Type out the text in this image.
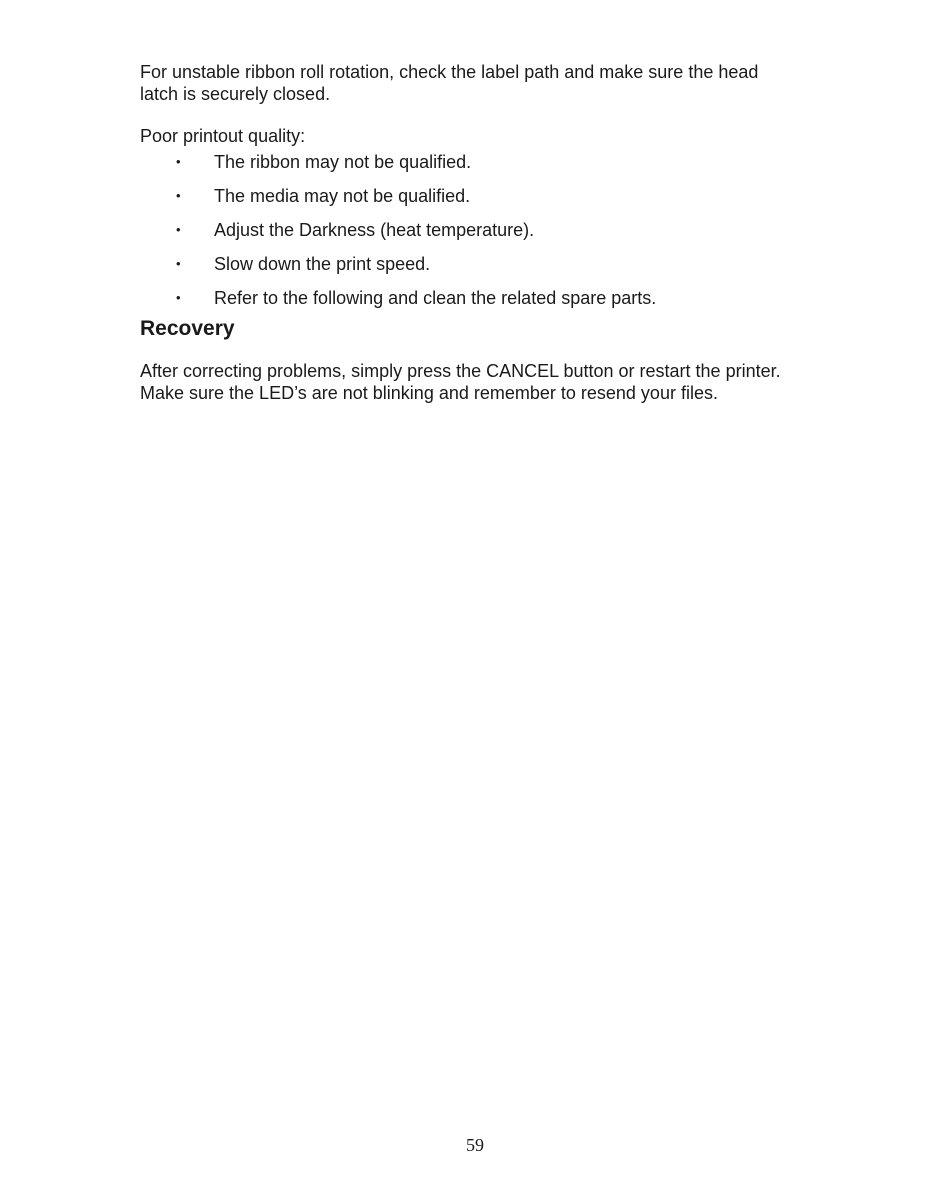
For unstable ribbon roll rotation, check the label path and make sure the head latch is securely closed.

Poor printout quality:

• The ribbon may not be qualified.
• The media may not be qualified.
• Adjust the Darkness (heat temperature).
• Slow down the print speed.
• Refer to the following and clean the related spare parts.
Recovery

After correcting problems, simply press the CANCEL button or restart the printer. Make sure the LED’s are not blinking and remember to resend your files.

59
